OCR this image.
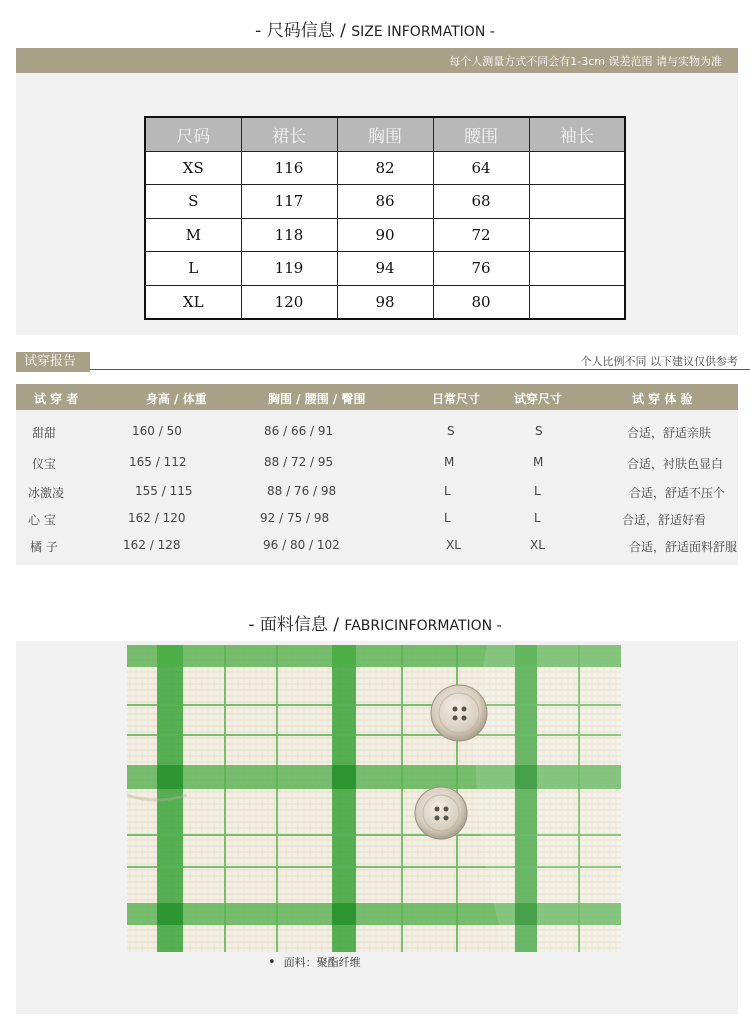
- 尺码信息 / SIZE INFORMATION -
每个人测量方式不同会有1-3cm 误差范围 请与实物为准
尺码	裙长	胸围	腰围	袖长
XS	116	82	64	
S	117	86	68	
M	118	90	72	
L	119	94	76	
XL	120	98	80	
试穿报告	个人比例不同 以下建议仅供参考
试 穿 者	身高 / 体重	胸围 / 腰围 / 臀围	日常尺寸	试穿尺寸	试 穿 体 验
甜甜	160 / 50	86 / 66 / 91	S	S	合适，舒适亲肤
仪宝	165 / 112	88 / 72 / 95	M	M	合适，衬肤色显白
冰激凌	155 / 115	88 / 76 / 98	L	L	合适，舒适不压个
心 宝	162 / 120	92 / 75 / 98	L	L	合适，舒适好看
橘 子	162 / 128	96 / 80 / 102	XL	XL	合适，舒适面料舒服
- 面料信息 / FABRICINFORMATION -
• 面料：聚酯纤维
